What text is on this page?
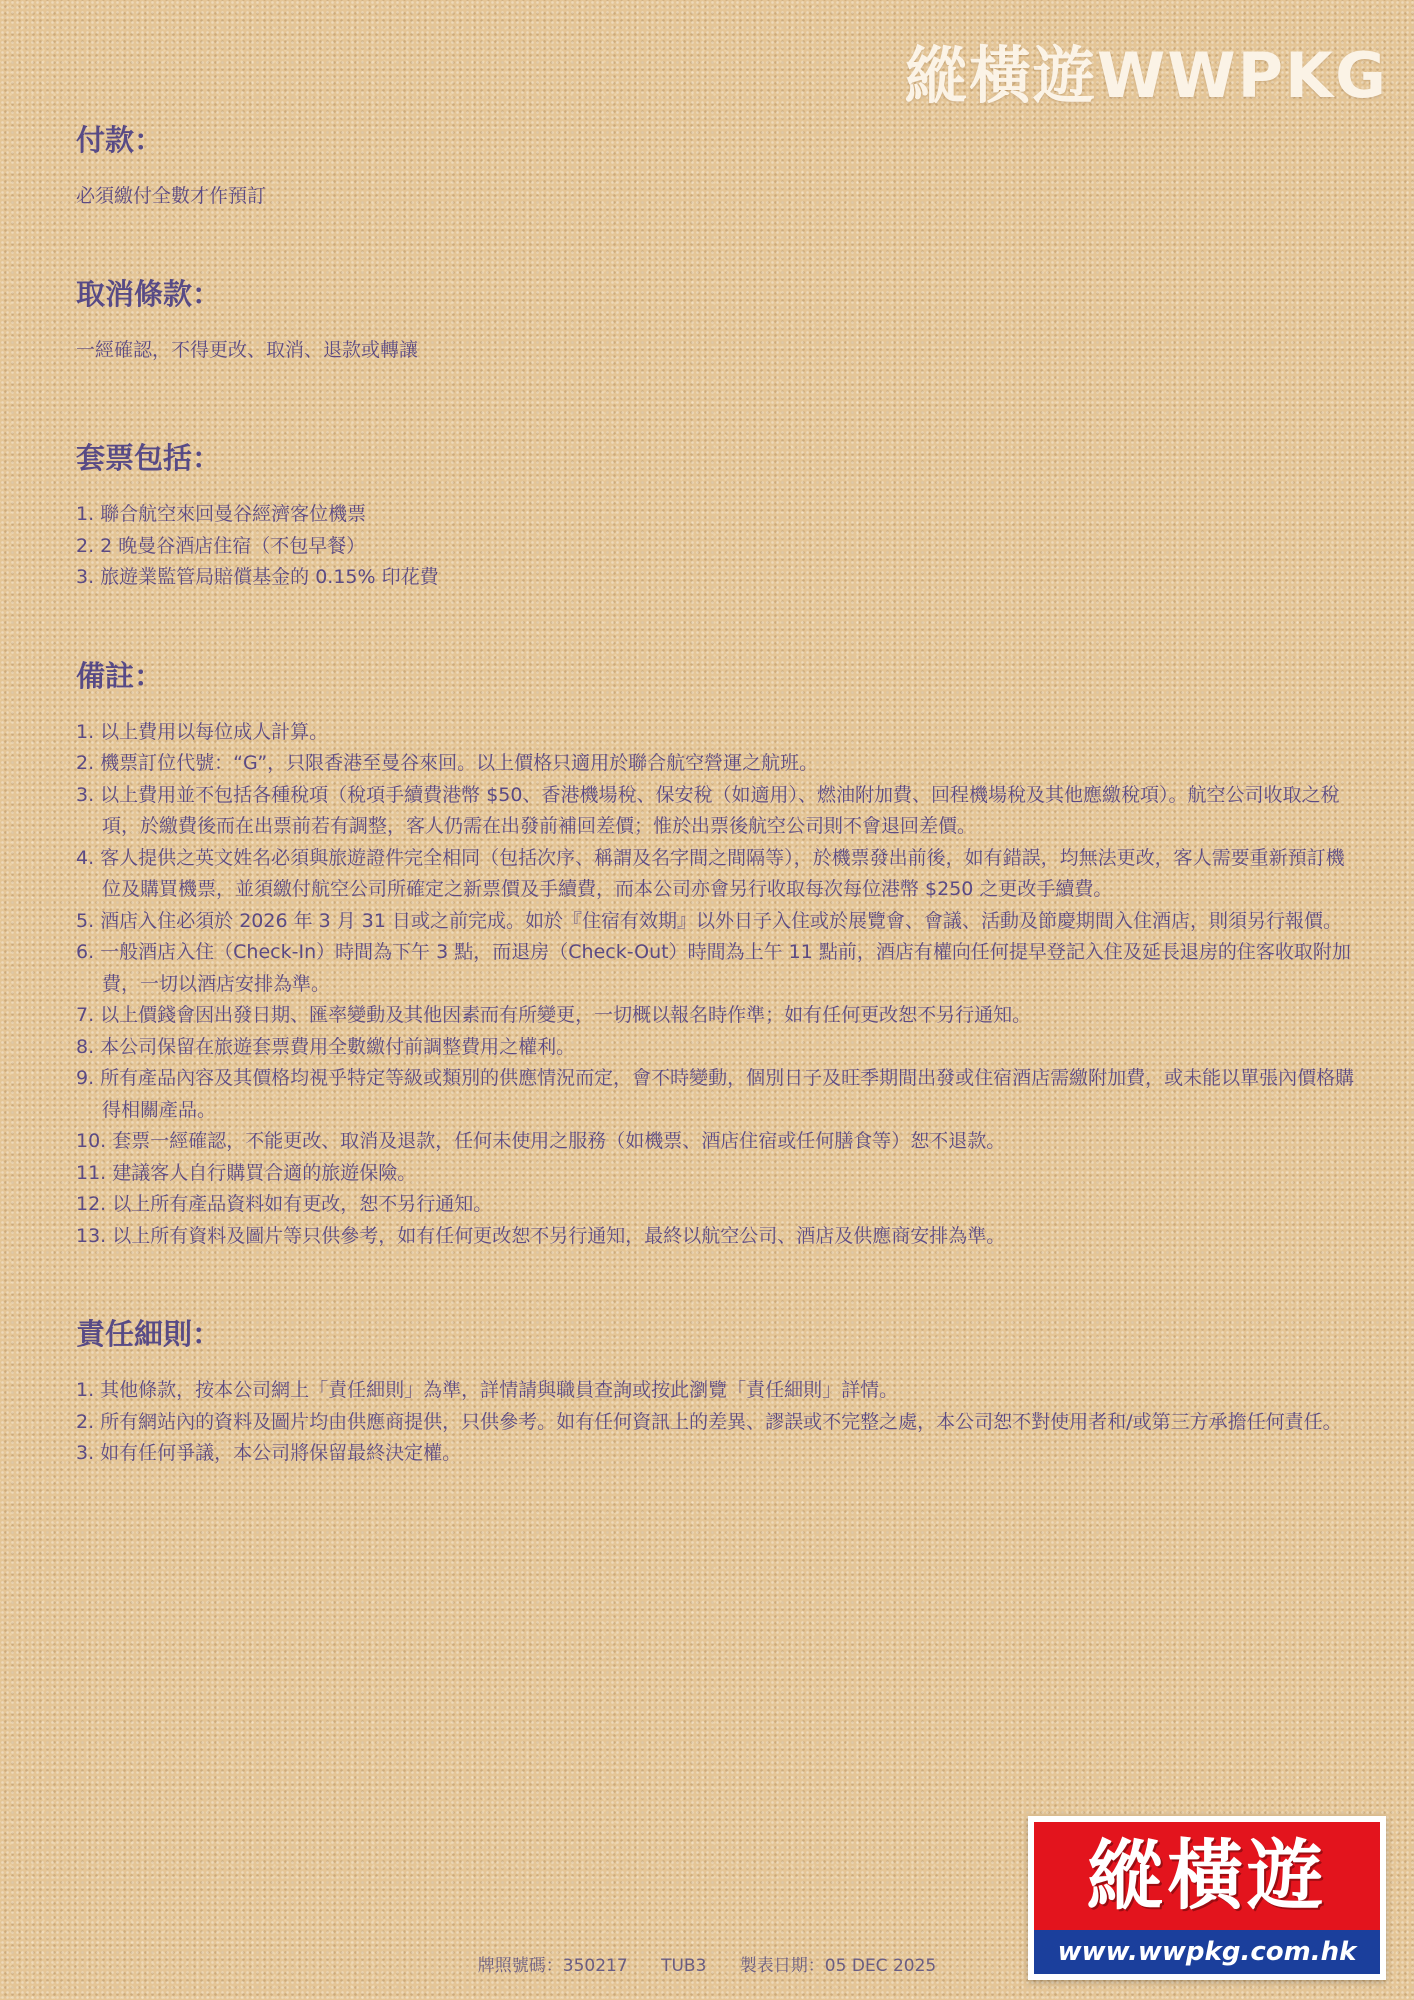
縱橫遊WWPKG
付款：

必須繳付全數才作預訂

取消條款：

一經確認，不得更改、取消、退款或轉讓

套票包括：
1. 聯合航空來回曼谷經濟客位機票
2. 2 晚曼谷酒店住宿（不包早餐）
3. 旅遊業監管局賠償基金的 0.15% 印花費
備註：
1. 以上費用以每位成人計算。
2. 機票訂位代號：“G”，只限香港至曼谷來回。以上價格只適用於聯合航空營運之航班。
3. 以上費用並不包括各種稅項（稅項手續費港幣 $50、香港機場稅、保安稅（如適用）、燃油附加費、回程機場稅及其他應繳稅項）。航空公司收取之稅項，於繳費後而在出票前若有調整，客人仍需在出發前補回差價；惟於出票後航空公司則不會退回差價。
4. 客人提供之英文姓名必須與旅遊證件完全相同（包括次序、稱謂及名字間之間隔等），於機票發出前後，如有錯誤，均無法更改，客人需要重新預訂機位及購買機票，並須繳付航空公司所確定之新票價及手續費，而本公司亦會另行收取每次每位港幣 $250 之更改手續費。
5. 酒店入住必須於 2026 年 3 月 31 日或之前完成。如於『住宿有效期』以外日子入住或於展覽會、會議、活動及節慶期間入住酒店，則須另行報價。
6. 一般酒店入住（Check-In）時間為下午 3 點，而退房（Check-Out）時間為上午 11 點前，酒店有權向任何提早登記入住及延長退房的住客收取附加費，一切以酒店安排為準。
7. 以上價錢會因出發日期、匯率變動及其他因素而有所變更，一切概以報名時作準；如有任何更改恕不另行通知。
8. 本公司保留在旅遊套票費用全數繳付前調整費用之權利。
9. 所有產品內容及其價格均視乎特定等級或類別的供應情況而定，會不時變動，個別日子及旺季期間出發或住宿酒店需繳附加費，或未能以單張內價格購得相關產品。
10. 套票一經確認，不能更改、取消及退款，任何未使用之服務（如機票、酒店住宿或任何膳食等）恕不退款。
11. 建議客人自行購買合適的旅遊保險。
12. 以上所有產品資料如有更改，恕不另行通知。
13. 以上所有資料及圖片等只供參考，如有任何更改恕不另行通知，最終以航空公司、酒店及供應商安排為準。
責任細則：
1. 其他條款，按本公司網上「責任細則」為準，詳情請與職員查詢或按此瀏覽「責任細則」詳情。
2. 所有網站內的資料及圖片均由供應商提供，只供參考。如有任何資訊上的差異、謬誤或不完整之處，本公司恕不對使用者和/或第三方承擔任何責任。
3. 如有任何爭議，本公司將保留最終決定權。
牌照號碼：350217 TUB3 製表日期：05 DEC 2025
縱橫遊
www.wwpkg.com.hk
